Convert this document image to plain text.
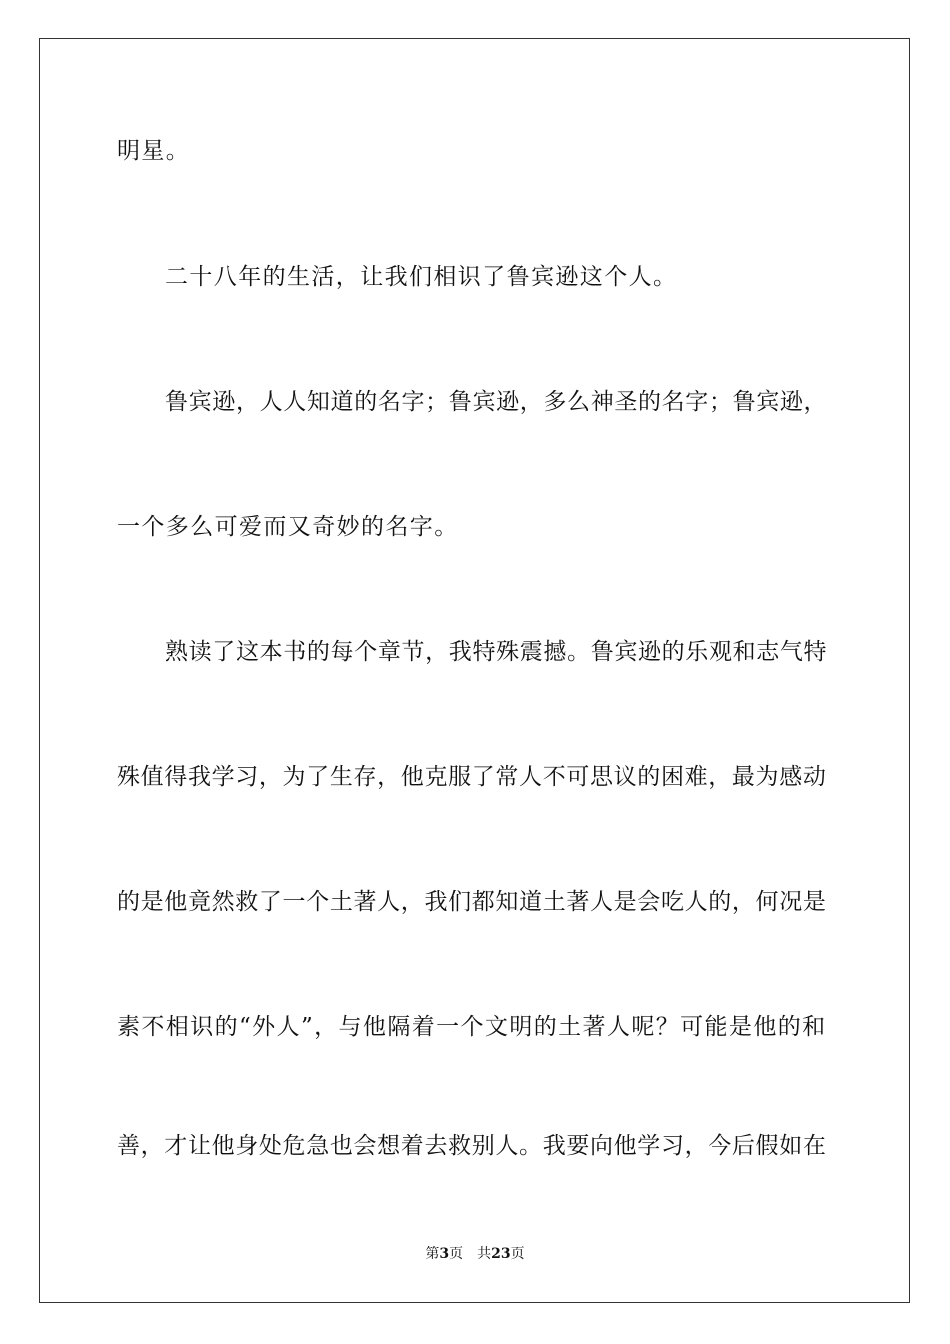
明星。
二十八年的生活，让我们相识了鲁宾逊这个人。
鲁宾逊，人人知道的名字；鲁宾逊，多么神圣的名字；鲁宾逊，
一个多么可爱而又奇妙的名字。
熟读了这本书的每个章节，我特殊震撼。鲁宾逊的乐观和志气特
殊值得我学习，为了生存，他克服了常人不可思议的困难，最为感动
的是他竟然救了一个土著人，我们都知道土著人是会吃人的，何况是
素不相识的“外人”，与他隔着一个文明的土著人呢？可能是他的和
善，才让他身处危急也会想着去救别人。我要向他学习，今后假如在
第3页 共23页
